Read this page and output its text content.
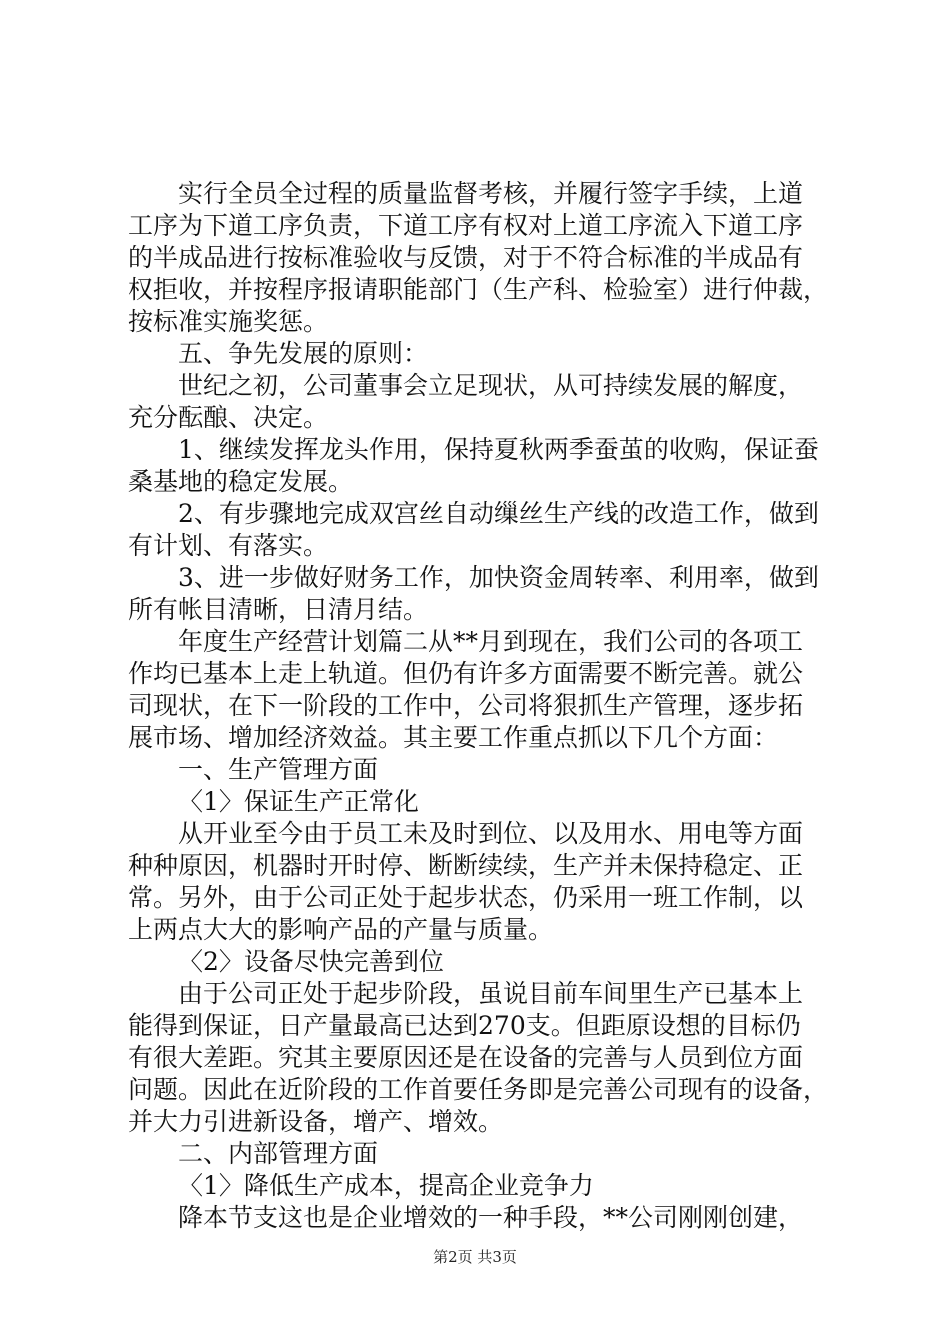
实行全员全过程的质量监督考核，并履行签字手续，上道
工序为下道工序负责，下道工序有权对上道工序流入下道工序
的半成品进行按标准验收与反馈，对于不符合标准的半成品有
权拒收，并按程序报请职能部门（生产科、检验室）进行仲裁，
按标准实施奖惩。
五、争先发展的原则：
世纪之初，公司董事会立足现状，从可持续发展的解度，
充分酝酿、决定。
1、继续发挥龙头作用，保持夏秋两季蚕茧的收购，保证蚕
桑基地的稳定发展。
2、有步骤地完成双宫丝自动缫丝生产线的改造工作，做到
有计划、有落实。
3、进一步做好财务工作，加快资金周转率、利用率，做到
所有帐目清晰，日清月结。
年度生产经营计划篇二从**月到现在，我们公司的各项工
作均已基本上走上轨道。但仍有许多方面需要不断完善。就公
司现状，在下一阶段的工作中，公司将狠抓生产管理，逐步拓
展市场、增加经济效益。其主要工作重点抓以下几个方面：
一、生产管理方面
〈1〉保证生产正常化
从开业至今由于员工未及时到位、以及用水、用电等方面
种种原因，机器时开时停、断断续续，生产并未保持稳定、正
常。另外，由于公司正处于起步状态，仍采用一班工作制，以
上两点大大的影响产品的产量与质量。
〈2〉设备尽快完善到位
由于公司正处于起步阶段，虽说目前车间里生产已基本上
能得到保证，日产量最高已达到270支。但距原设想的目标仍
有很大差距。究其主要原因还是在设备的完善与人员到位方面
问题。因此在近阶段的工作首要任务即是完善公司现有的设备，
并大力引进新设备，增产、增效。
二、内部管理方面
〈1〉降低生产成本，提高企业竞争力
降本节支这也是企业增效的一种手段，**公司刚刚创建，
第2页 共3页
